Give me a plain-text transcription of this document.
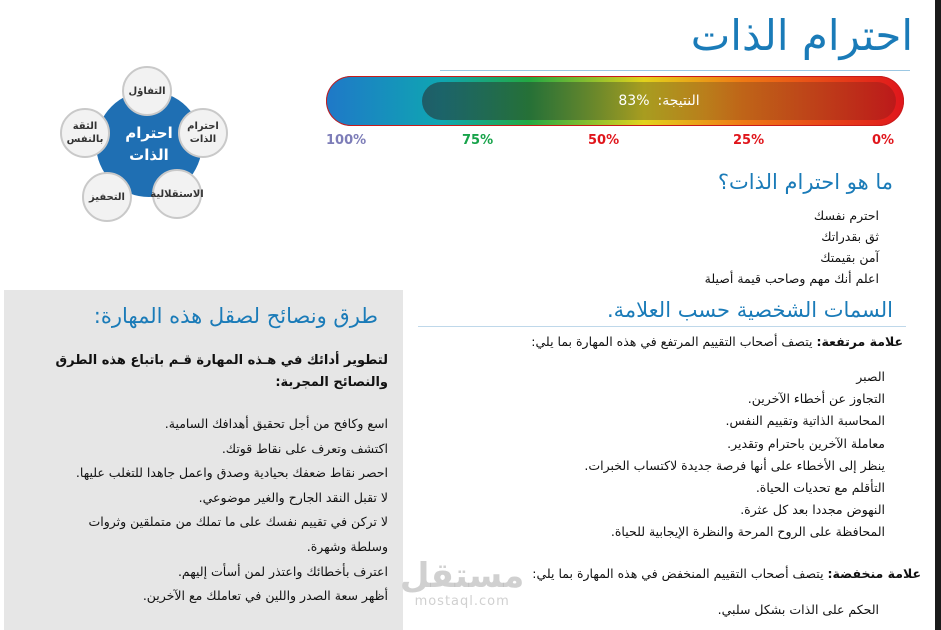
احترام الذات
النتيجة:
83%
100%	75%	50%	25%	0%
احترام الذات
التفاؤل
احترام الذات
الاستقلالية
التحفيز
الثقة بالنفس
ما هو احترام الذات؟
احترم نفسك
ثق بقدراتك
آمن بقيمتك
اعلم أنك مهم وصاحب قيمة أصيلة
طرق ونصائح لصقل هذه المهارة:

لتطوير أدائك في هـذه المهارة قـم باتباع هذه الطرق والنصائح المجربة:

اسع وكافح من أجل تحقيق أهدافك السامية.
اكتشف وتعرف على نقاط قوتك.
احصر نقاط ضعفك بحيادية وصدق واعمل جاهدا للتغلب عليها.
لا تقبل النقد الجارح والغير موضوعي.
لا تركن في تقييم نفسك على ما تملك من متملقين وثروات
وسلطة وشهرة.
اعترف بأخطائك واعتذر لمن أسأت إليهم.
أظهر سعة الصدر واللين في تعاملك مع الآخرين.
السمات الشخصية حسب العلامة.

علامة مرتفعة: يتصف أصحاب التقييم المرتفع في هذه المهارة بما يلي:

الصبر
التجاوز عن أخطاء الآخرين.
المحاسبة الذاتية وتقييم النفس.
معاملة الآخرين باحترام وتقدير.
ينظر إلى الأخطاء على أنها فرصة جديدة لاكتساب الخبرات.
التأقلم مع تحديات الحياة.
النهوض مجددا بعد كل عثرة.
المحافظة على الروح المرحة والنظرة الإيجابية للحياة.

علامة منخفضة: يتصف أصحاب التقييم المنخفض في هذه المهارة بما يلي:

الحكم على الذات بشكل سلبي.
مستقل
mostaql.com
